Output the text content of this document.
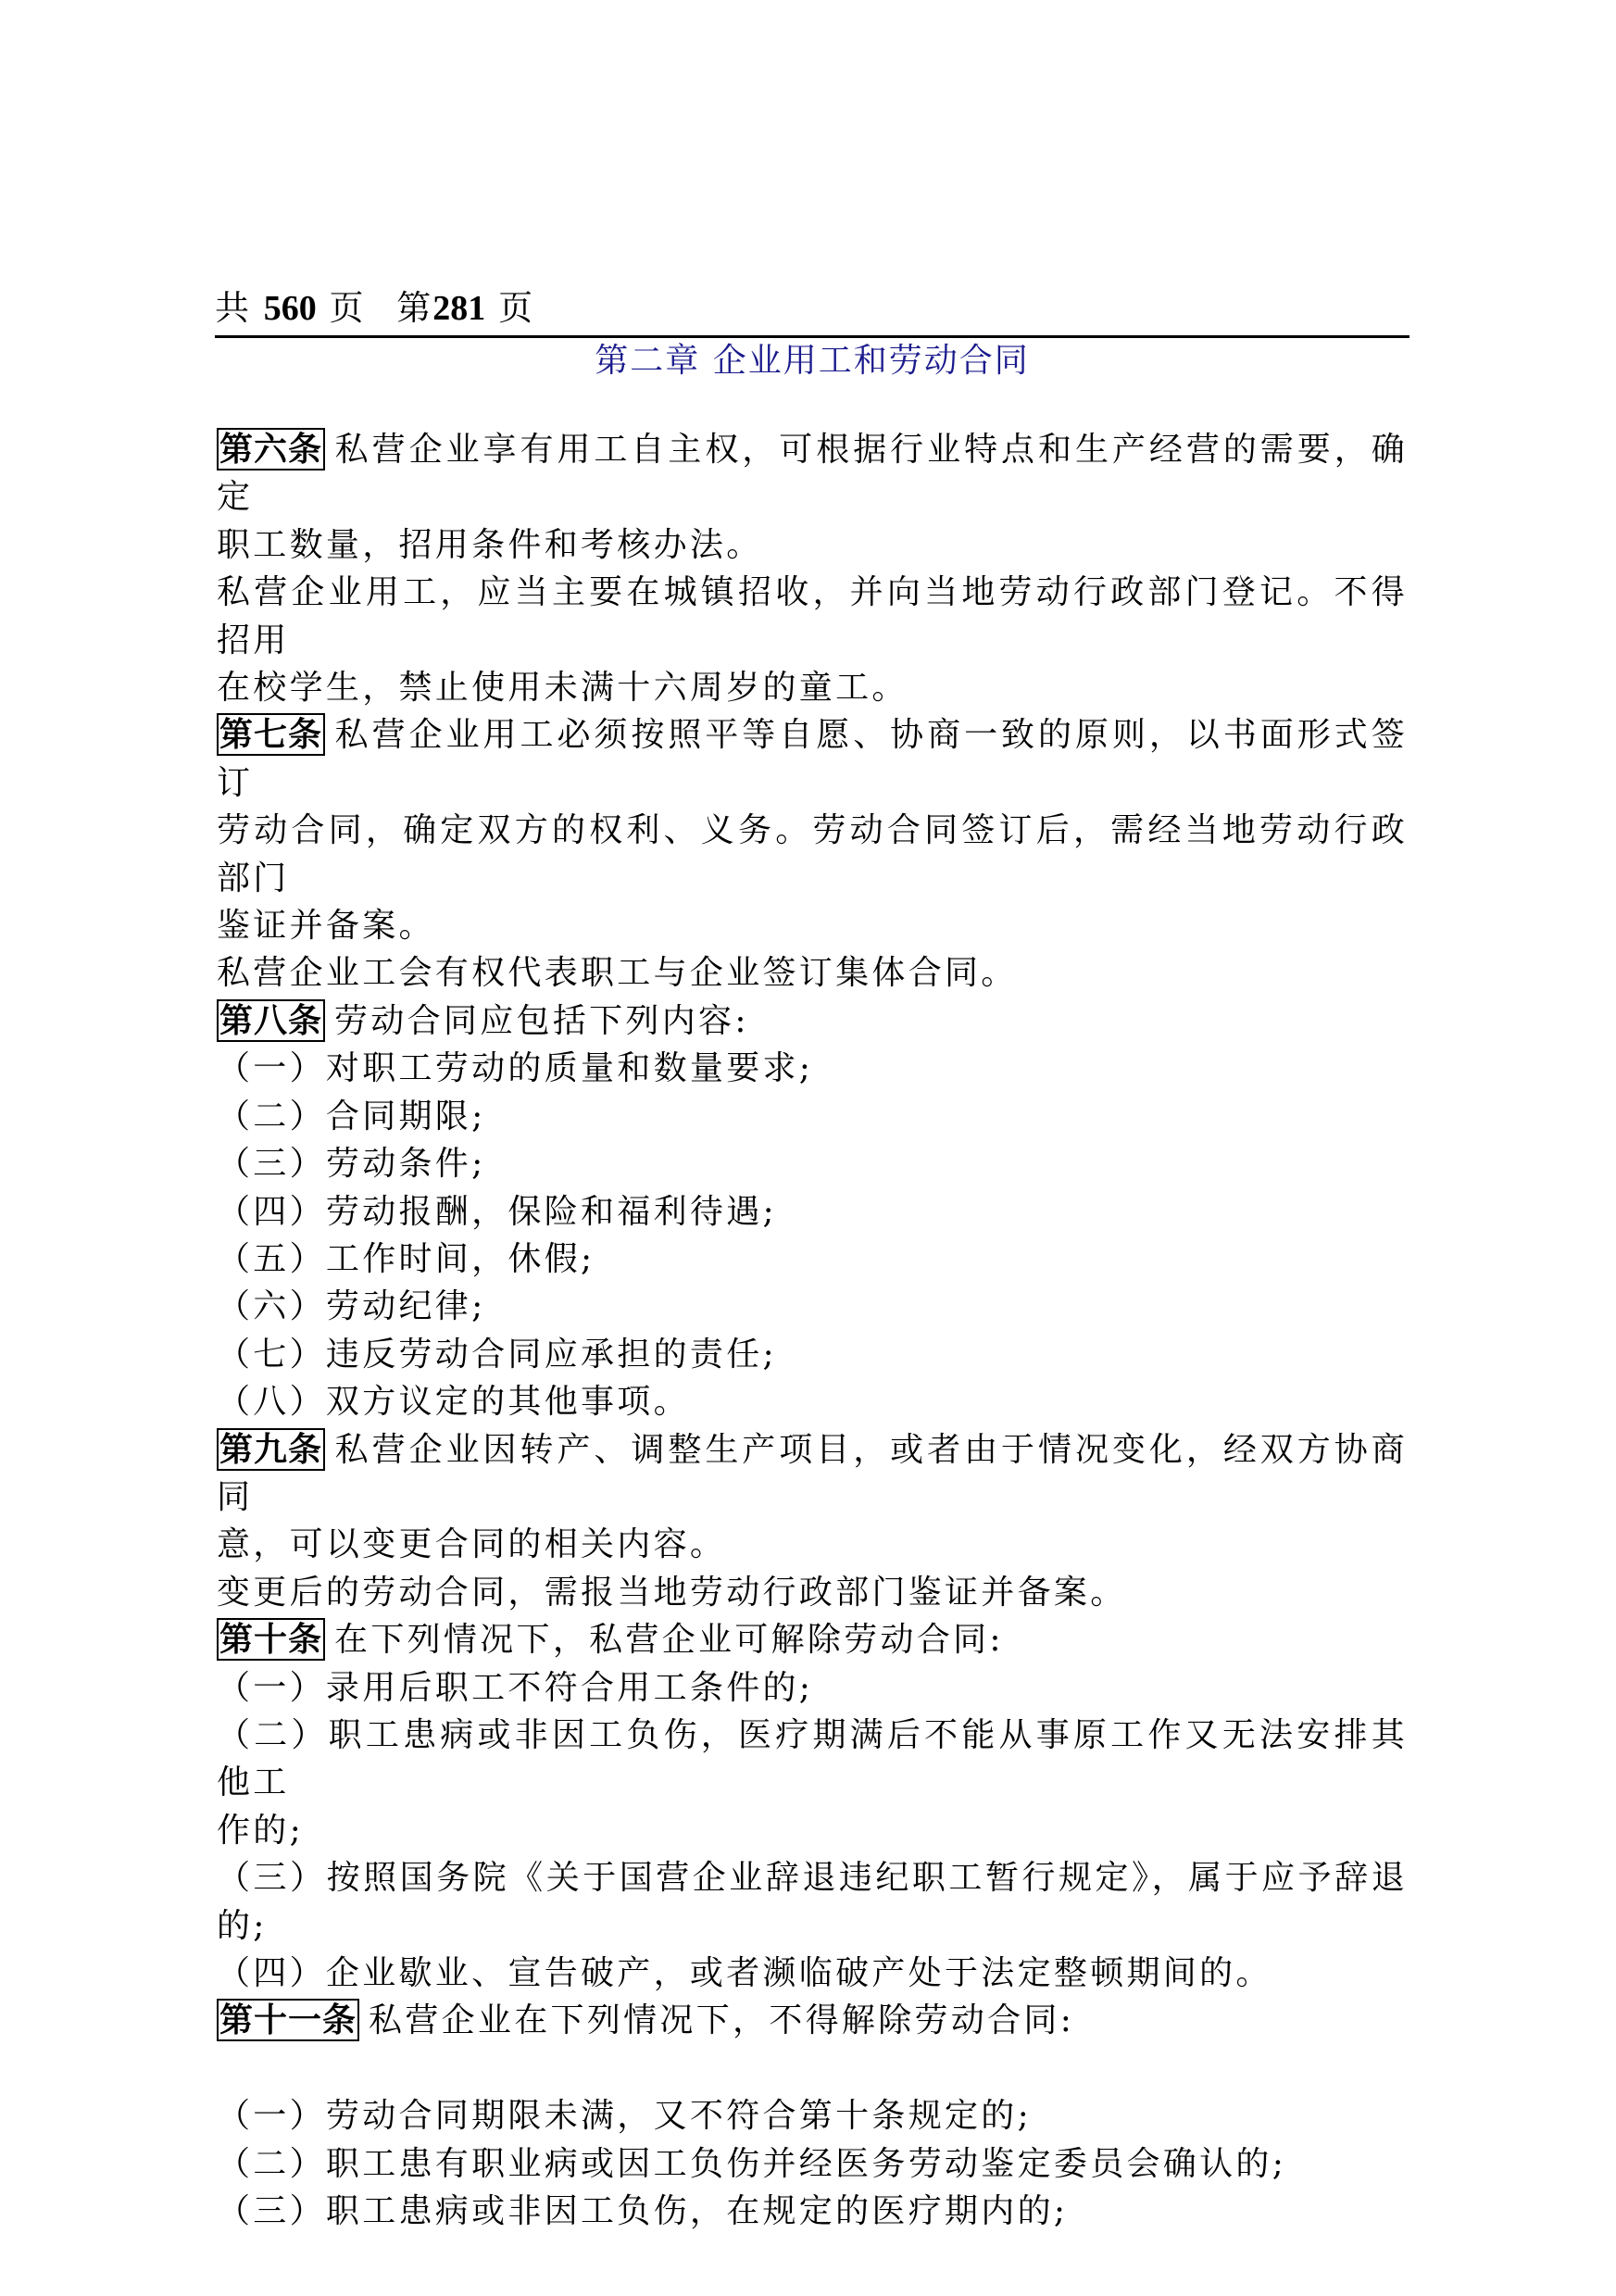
共 560 页 第281 页
第二章 企业用工和劳动合同

第六条 私营企业享有用工自主权，可根据行业特点和生产经营的需要，确定

职工数量，招用条件和考核办法。

私营企业用工，应当主要在城镇招收，并向当地劳动行政部门登记。不得招用

在校学生，禁止使用未满十六周岁的童工。

第七条 私营企业用工必须按照平等自愿、协商一致的原则，以书面形式签订

劳动合同，确定双方的权利、义务。劳动合同签订后，需经当地劳动行政部门

鉴证并备案。

私营企业工会有权代表职工与企业签订集体合同。

第八条 劳动合同应包括下列内容:

（一）对职工劳动的质量和数量要求;

（二）合同期限;

（三）劳动条件;

（四）劳动报酬，保险和福利待遇;

（五）工作时间，休假;

（六）劳动纪律;

（七）违反劳动合同应承担的责任;

（八）双方议定的其他事项。

第九条 私营企业因转产、调整生产项目，或者由于情况变化，经双方协商同

意，可以变更合同的相关内容。

变更后的劳动合同，需报当地劳动行政部门鉴证并备案。

第十条 在下列情况下，私营企业可解除劳动合同:

（一）录用后职工不符合用工条件的;

（二）职工患病或非因工负伤，医疗期满后不能从事原工作又无法安排其他工

作的;

（三）按照国务院《关于国营企业辞退违纪职工暂行规定》，属于应予辞退的;

（四）企业歇业、宣告破产，或者濒临破产处于法定整顿期间的。

第十一条 私营企业在下列情况下，不得解除劳动合同:

（一）劳动合同期限未满，又不符合第十条规定的;

（二）职工患有职业病或因工负伤并经医务劳动鉴定委员会确认的;

（三）职工患病或非因工负伤，在规定的医疗期内的;
